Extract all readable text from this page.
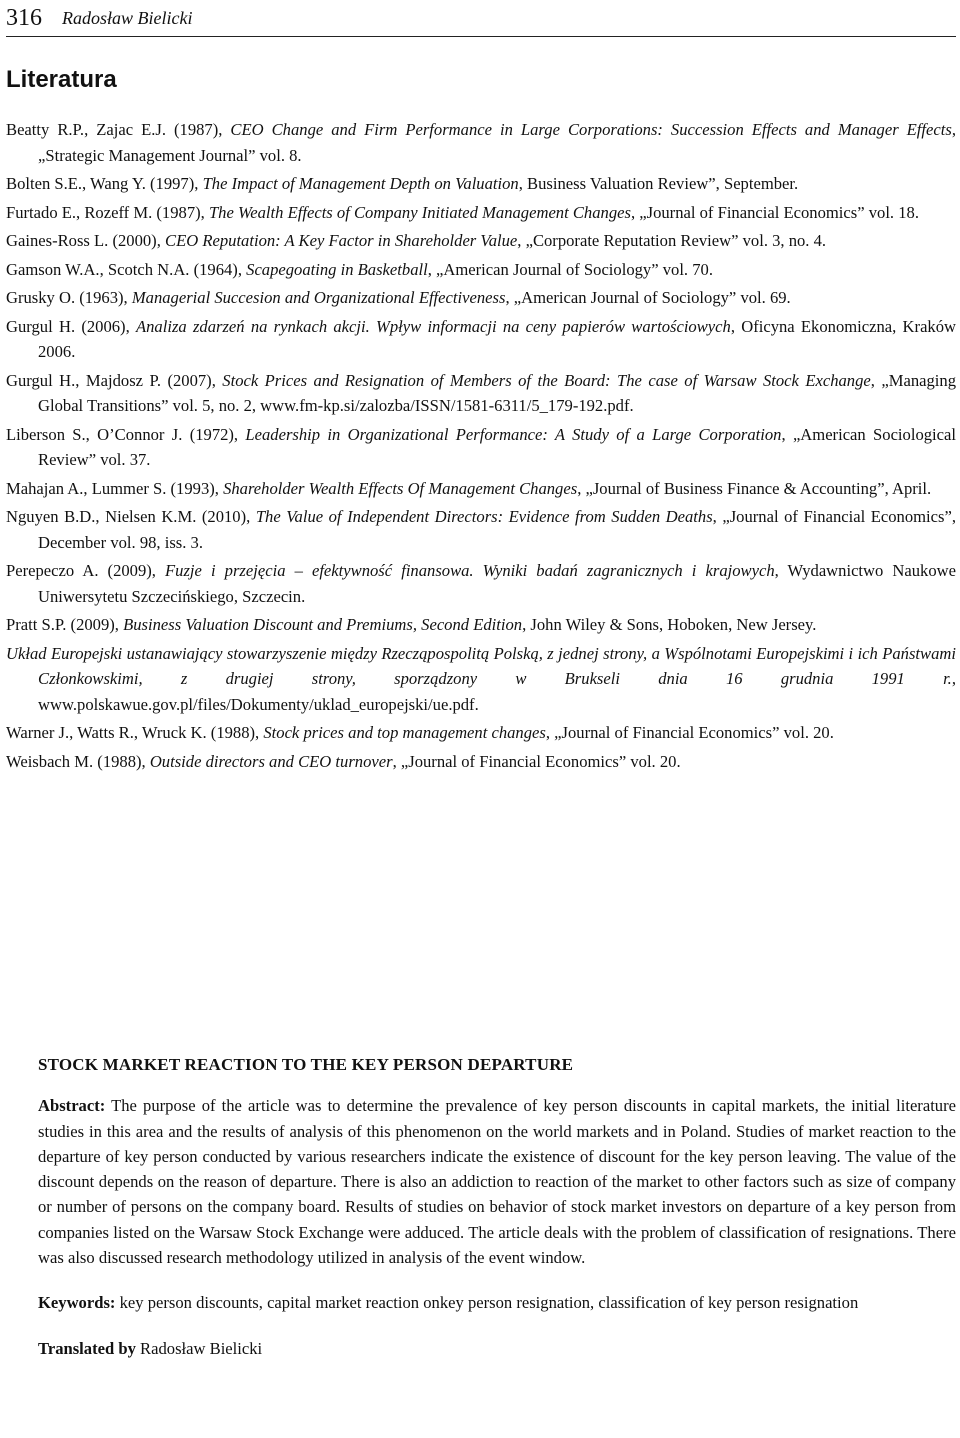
316 Radosław Bielicki
Literatura
Beatty R.P., Zajac E.J. (1987), CEO Change and Firm Performance in Large Corporations: Succession Effects and Manager Effects, „Strategic Management Journal” vol. 8.
Bolten S.E., Wang Y. (1997), The Impact of Management Depth on Valuation, Business Valuation Review”, September.
Furtado E., Rozeff M. (1987), The Wealth Effects of Company Initiated Management Changes, „Journal of Financial Economics” vol. 18.
Gaines-Ross L. (2000), CEO Reputation: A Key Factor in Shareholder Value, „Corporate Reputation Review” vol. 3, no. 4.
Gamson W.A., Scotch N.A. (1964), Scapegoating in Basketball, „American Journal of Sociology” vol. 70.
Grusky O. (1963), Managerial Succesion and Organizational Effectiveness, „American Journal of Sociology” vol. 69.
Gurgul H. (2006), Analiza zdarzeń na rynkach akcji. Wpływ informacji na ceny papierów wartościowych, Oficyna Ekonomiczna, Kraków 2006.
Gurgul H., Majdosz P. (2007), Stock Prices and Resignation of Members of the Board: The case of Warsaw Stock Exchange, „Managing Global Transitions” vol. 5, no. 2, www.fm-kp.si/zalozba/ISSN/1581-6311/5_179-192.pdf.
Liberson S., O’Connor J. (1972), Leadership in Organizational Performance: A Study of a Large Corporation, „American Sociological Review” vol. 37.
Mahajan A., Lummer S. (1993), Shareholder Wealth Effects Of Management Changes, „Journal of Business Finance & Accounting”, April.
Nguyen B.D., Nielsen K.M. (2010), The Value of Independent Directors: Evidence from Sudden Deaths, „Journal of Financial Economics”, December vol. 98, iss. 3.
Perepeczo A. (2009), Fuzje i przejęcia – efektywność finansowa. Wyniki badań zagranicznych i krajowych, Wydawnictwo Naukowe Uniwersytetu Szczecińskiego, Szczecin.
Pratt S.P. (2009), Business Valuation Discount and Premiums, Second Edition, John Wiley & Sons, Hoboken, New Jersey.
Układ Europejski ustanawiający stowarzyszenie między Rzecząpospolitą Polską, z jednej strony, a Wspólnotami Europejskimi i ich Państwami Członkowskimi, z drugiej strony, sporządzony w Brukseli dnia 16 grudnia 1991 r., www.polskawue.gov.pl/files/Dokumenty/uklad_europejski/ue.pdf.
Warner J., Watts R., Wruck K. (1988), Stock prices and top management changes, „Journal of Financial Economics” vol. 20.
Weisbach M. (1988), Outside directors and CEO turnover, „Journal of Financial Economics” vol. 20.
STOCK MARKET REACTION TO THE KEY PERSON DEPARTURE

Abstract: The purpose of the article was to determine the prevalence of key person discounts in capital markets, the initial literature studies in this area and the results of analysis of this phenomenon on the world markets and in Poland. Studies of market reaction to the departure of key person conducted by various researchers indicate the existence of discount for the key person leaving. The value of the discount depends on the reason of departure. There is also an addiction to reaction of the market to other factors such as size of company or number of persons on the company board. Results of studies on behavior of stock market investors on departure of a key person from companies listed on the Warsaw Stock Exchange were adduced. The article deals with the problem of classification of resignations. There was also discussed research methodology utilized in analysis of the event window.

Keywords: key person discounts, capital market reaction onkey person resignation, classification of key person resignation

Translated by Radosław Bielicki
